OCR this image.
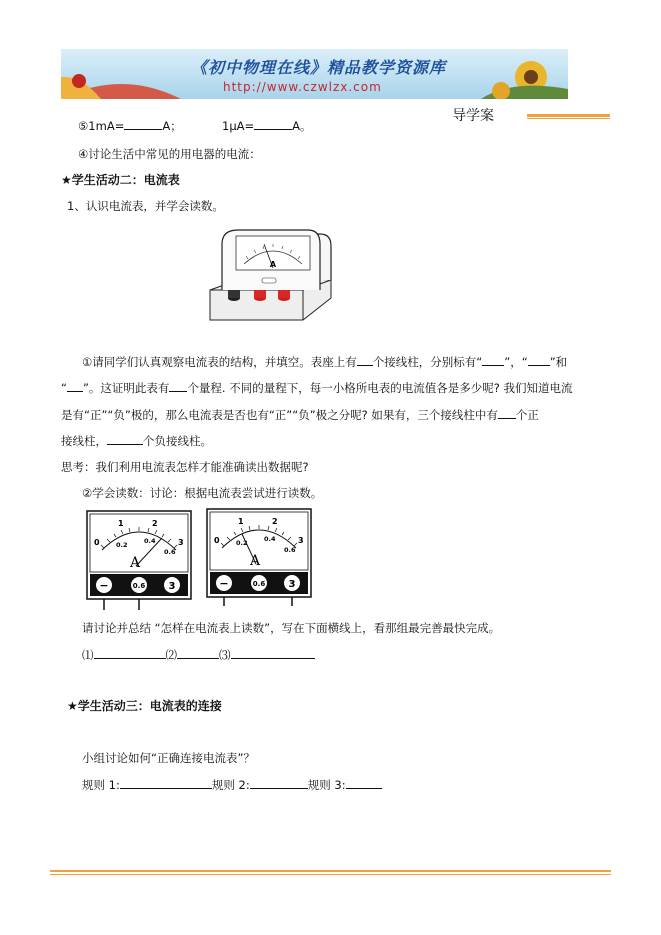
《初中物理在线》精品教学资源库
http://www.czwlzx.com
导学案
⑤1mA=	A；	1μA=	A。
④讨论生活中常见的用电器的电流：
★学生活动二：电流表
1、认识电流表，并学会读数。
A
①请同学们认真观察电流表的结构，并填空。表座上有 个接线柱，分别标有“ ”，“ ”和
“ ”。这证明此表有 个量程. 不同的量程下，每一小格所电表的电流值各是多少呢? 我们知道电流
是有“正”“负”极的，那么电流表是否也有“正”“负”极之分呢? 如果有，三个接线柱中有 个正
接线柱，	个负接线柱。
思考：我们利用电流表怎样才能准确读出数据呢?
②学会读数：讨论：根据电流表尝试进行读数。
0
1	2
3
0.2	0.4
0.6
A
−	0.6 3
0
1	2
3
0.2	0.4
0.6
A
−	0.6 3
请讨论并总结 “怎样在电流表上读数”，写在下面横线上，看那组最完善最快完成。
⑴	⑵	⑶
★学生活动三：电流表的连接
小组讨论如何“正确连接电流表”？
规则 1:	规则 2:	规则 3:
